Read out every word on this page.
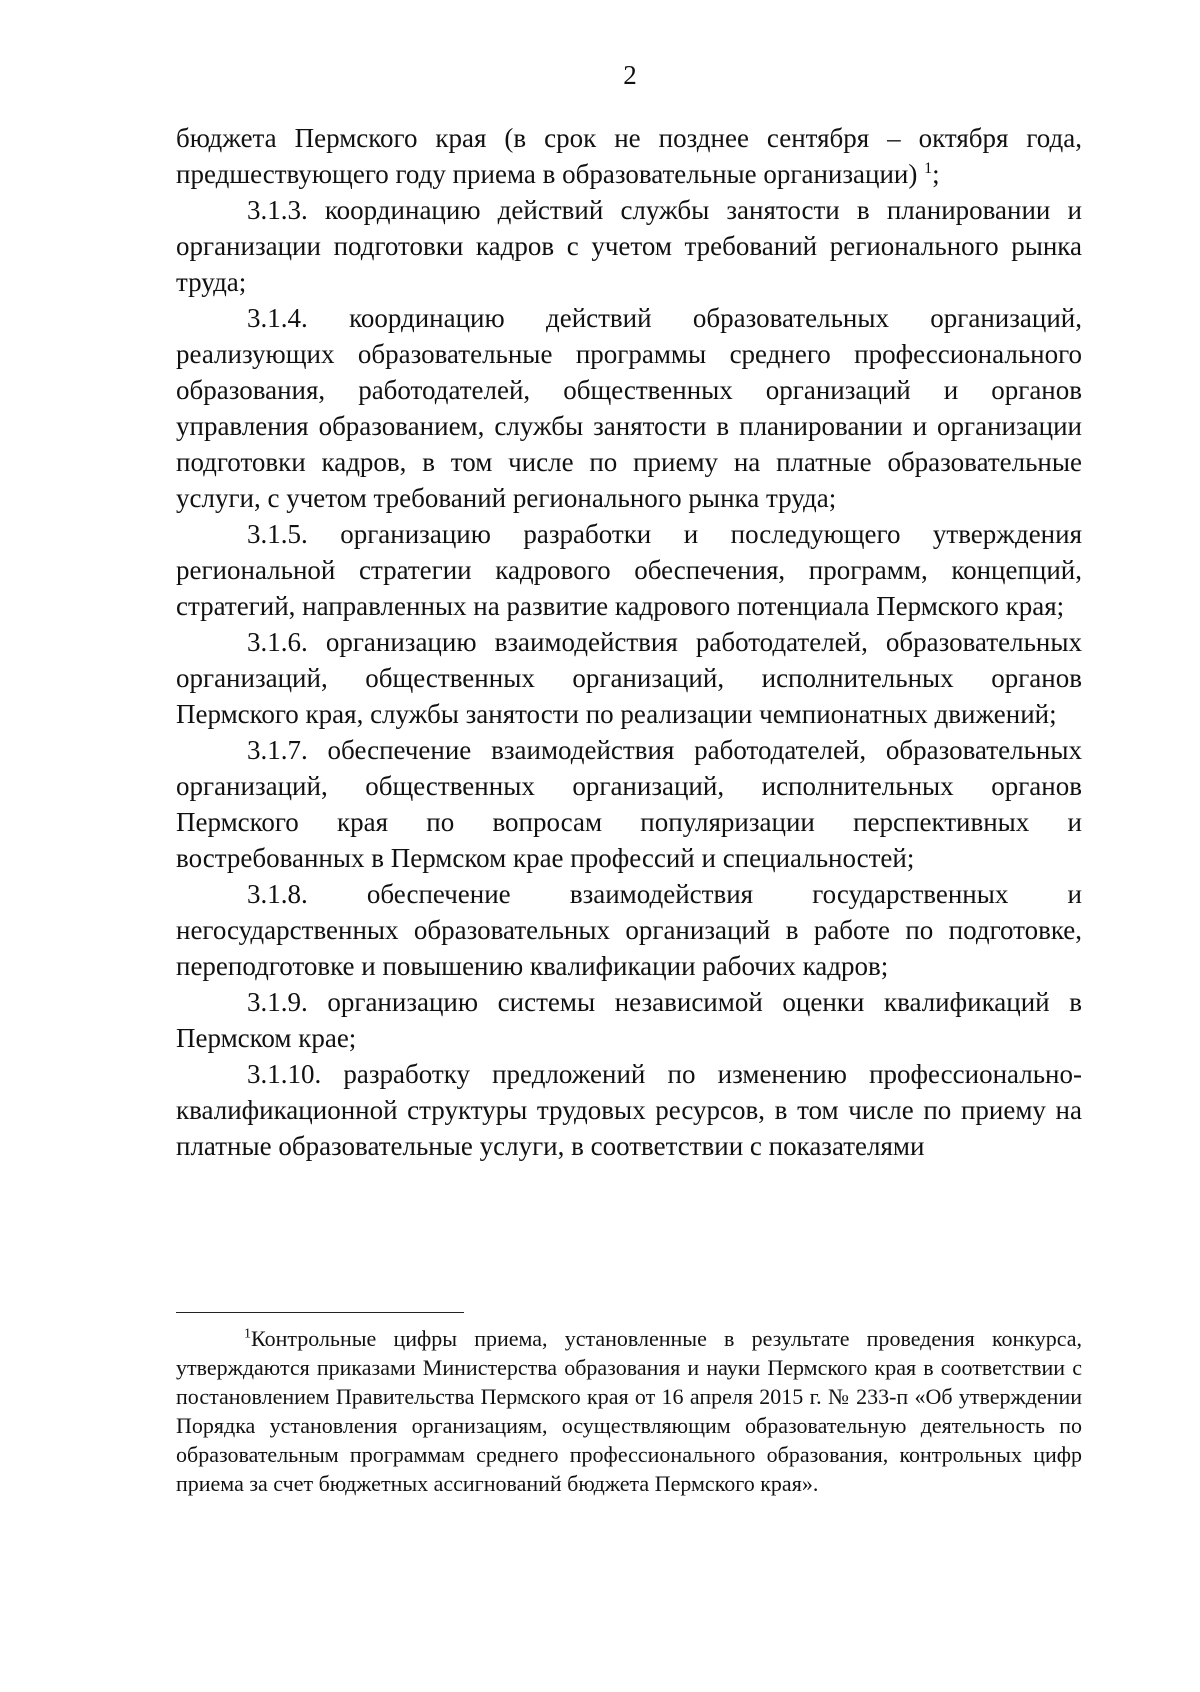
2

бюджета Пермского края (в срок не позднее сентября – октября года, предшествующего году приема в образовательные организации) $^1$;

3.1.3. координацию действий службы занятости в планировании и организации подготовки кадров с учетом требований регионального рынка труда;

3.1.4. координацию действий образовательных организаций, реализующих образовательные программы среднего профессионального образования, работодателей, общественных организаций и органов управления образованием, службы занятости в планировании и организации подготовки кадров, в том числе по приему на платные образовательные услуги, с учетом требований регионального рынка труда;

3.1.5. организацию разработки и последующего утверждения региональной стратегии кадрового обеспечения, программ, концепций, стратегий, направленных на развитие кадрового потенциала Пермского края;

3.1.6. организацию взаимодействия работодателей, образовательных организаций, общественных организаций, исполнительных органов Пермского края, службы занятости по реализации чемпионатных движений;

3.1.7. обеспечение взаимодействия работодателей, образовательных организаций, общественных организаций, исполнительных органов Пермского края по вопросам популяризации перспективных и востребованных в Пермском крае профессий и специальностей;

3.1.8. обеспечение взаимодействия государственных и негосударственных образовательных организаций в работе по подготовке, переподготовке и повышению квалификации рабочих кадров;

3.1.9. организацию системы независимой оценки квалификаций в Пермском крае;

3.1.10. разработку предложений по изменению профессионально-квалификационной структуры трудовых ресурсов, в том числе по приему на платные образовательные услуги, в соответствии с показателями

$^1$Контрольные цифры приема, установленные в результате проведения конкурса, утверждаются приказами Министерства образования и науки Пермского края в соответствии с постановлением Правительства Пермского края от 16 апреля 2015 г. № 233-п «Об утверждении Порядка установления организациям, осуществляющим образовательную деятельность по образовательным программам среднего профессионального образования, контрольных цифр приема за счет бюджетных ассигнований бюджета Пермского края».
